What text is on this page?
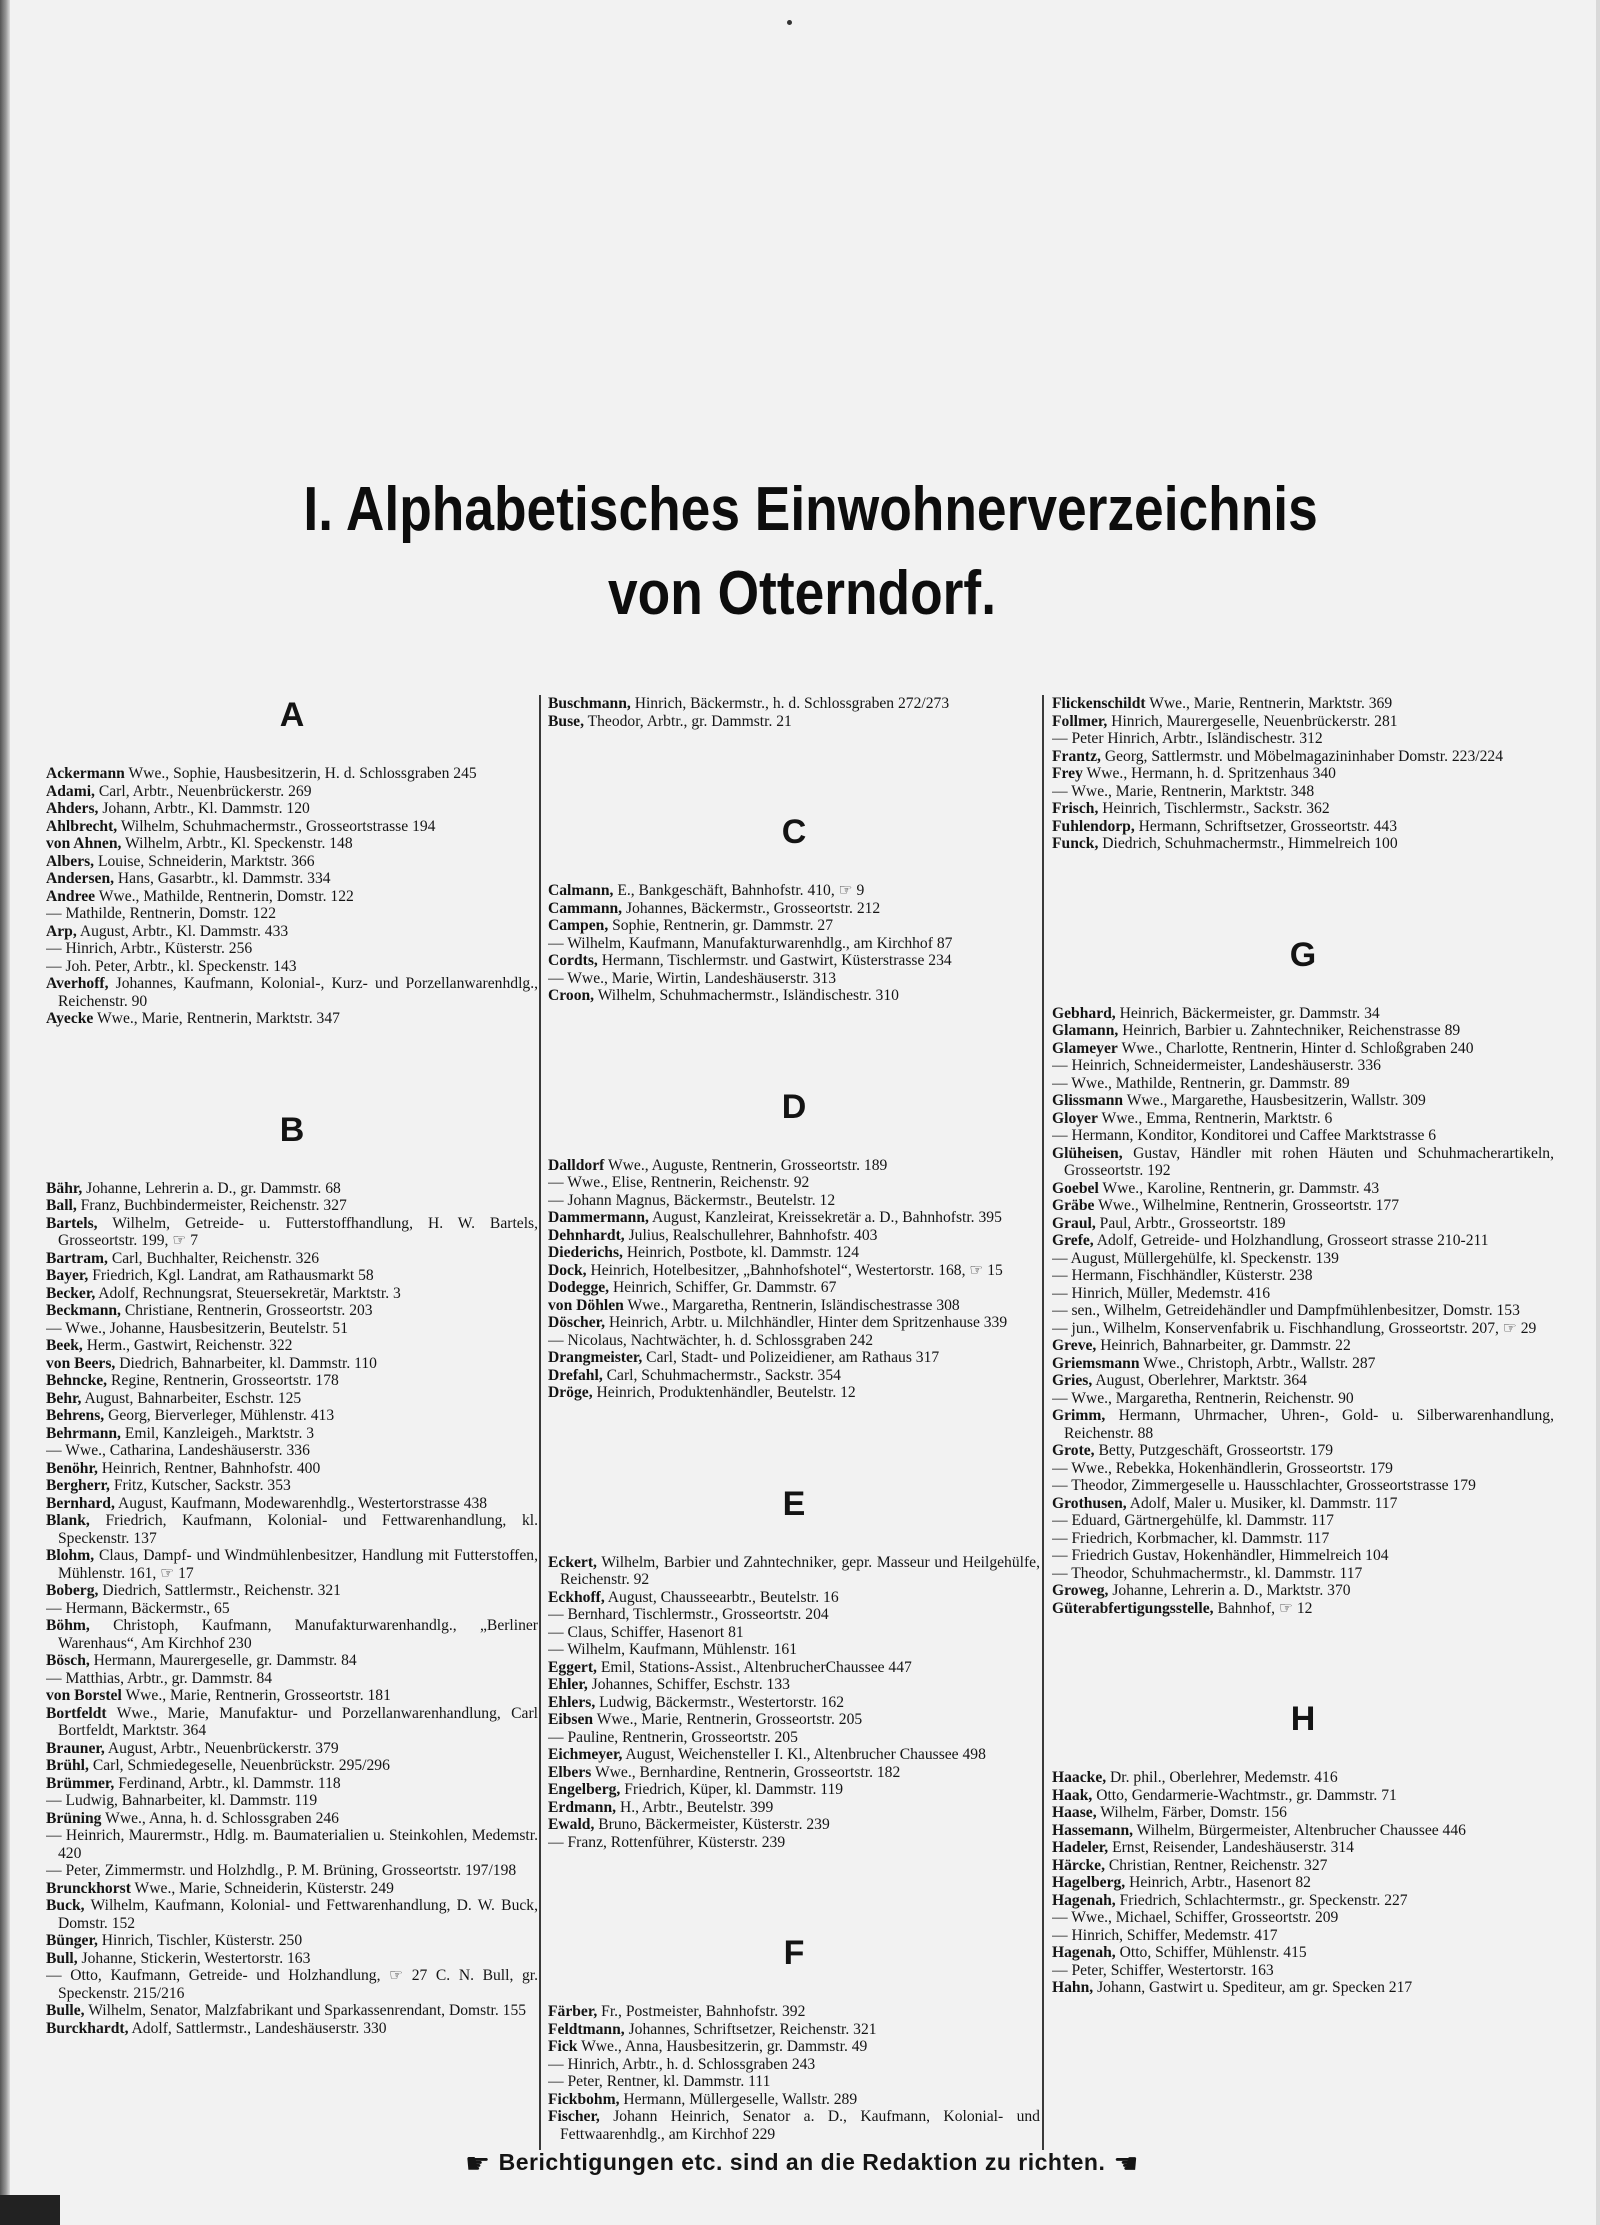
I. Alphabetisches Einwohnerverzeichnis
von Otterndorf.
A
Ackermann Wwe., Sophie, Hausbesitzerin, H. d. Schlossgraben 245
Adami, Carl, Arbtr., Neuenbrückerstr. 269
Ahders, Johann, Arbtr., Kl. Dammstr. 120
Ahlbrecht, Wilhelm, Schuhmachermstr., Grosseortstrasse 194
von Ahnen, Wilhelm, Arbtr., Kl. Speckenstr. 148
Albers, Louise, Schneiderin, Marktstr. 366
Andersen, Hans, Gasarbtr., kl. Dammstr. 334
Andree Wwe., Mathilde, Rentnerin, Domstr. 122
— Mathilde, Rentnerin, Domstr. 122
Arp, August, Arbtr., Kl. Dammstr. 433
— Hinrich, Arbtr., Küsterstr. 256
— Joh. Peter, Arbtr., kl. Speckenstr. 143
Averhoff, Johannes, Kaufmann, Kolonial-, Kurz- und Porzellanwarenhdlg., Reichenstr. 90
Ayecke Wwe., Marie, Rentnerin, Marktstr. 347
B
Bähr, Johanne, Lehrerin a. D., gr. Dammstr. 68
Ball, Franz, Buchbindermeister, Reichenstr. 327
Bartels, Wilhelm, Getreide- u. Futterstoffhandlung, H. W. Bartels, Grosseortstr. 199, ☞ 7
Bartram, Carl, Buchhalter, Reichenstr. 326
Bayer, Friedrich, Kgl. Landrat, am Rathausmarkt 58
Becker, Adolf, Rechnungsrat, Steuersekretär, Marktstr. 3
Beckmann, Christiane, Rentnerin, Grosseortstr. 203
— Wwe., Johanne, Hausbesitzerin, Beutelstr. 51
Beek, Herm., Gastwirt, Reichenstr. 322
von Beers, Diedrich, Bahnarbeiter, kl. Dammstr. 110
Behncke, Regine, Rentnerin, Grosseortstr. 178
Behr, August, Bahnarbeiter, Eschstr. 125
Behrens, Georg, Bierverleger, Mühlenstr. 413
Behrmann, Emil, Kanzleigeh., Marktstr. 3
— Wwe., Catharina, Landeshäuserstr. 336
Benöhr, Heinrich, Rentner, Bahnhofstr. 400
Bergherr, Fritz, Kutscher, Sackstr. 353
Bernhard, August, Kaufmann, Modewarenhdlg., Westertorstrasse 438
Blank, Friedrich, Kaufmann, Kolonial- und Fettwarenhandlung, kl. Speckenstr. 137
Blohm, Claus, Dampf- und Windmühlenbesitzer, Handlung mit Futterstoffen, Mühlenstr. 161, ☞ 17
Boberg, Diedrich, Sattlermstr., Reichenstr. 321
— Hermann, Bäckermstr., 65
Böhm, Christoph, Kaufmann, Manufakturwarenhandlg., „Berliner Warenhaus“, Am Kirchhof 230
Bösch, Hermann, Maurergeselle, gr. Dammstr. 84
— Matthias, Arbtr., gr. Dammstr. 84
von Borstel Wwe., Marie, Rentnerin, Grosseortstr. 181
Bortfeldt Wwe., Marie, Manufaktur- und Porzellanwarenhandlung, Carl Bortfeldt, Marktstr. 364
Brauner, August, Arbtr., Neuenbrückerstr. 379
Brühl, Carl, Schmiedegeselle, Neuenbrückstr. 295/296
Brümmer, Ferdinand, Arbtr., kl. Dammstr. 118
— Ludwig, Bahnarbeiter, kl. Dammstr. 119
Brüning Wwe., Anna, h. d. Schlossgraben 246
— Heinrich, Maurermstr., Hdlg. m. Baumaterialien u. Steinkohlen, Medemstr. 420
— Peter, Zimmermstr. und Holzhdlg., P. M. Brüning, Grosseortstr. 197/198
Brunckhorst Wwe., Marie, Schneiderin, Küsterstr. 249
Buck, Wilhelm, Kaufmann, Kolonial- und Fettwarenhandlung, D. W. Buck, Domstr. 152
Bünger, Hinrich, Tischler, Küsterstr. 250
Bull, Johanne, Stickerin, Westertorstr. 163
— Otto, Kaufmann, Getreide- und Holzhandlung, ☞ 27 C. N. Bull, gr. Speckenstr. 215/216
Bulle, Wilhelm, Senator, Malzfabrikant und Sparkassenrendant, Domstr. 155
Burckhardt, Adolf, Sattlermstr., Landeshäuserstr. 330
Buschmann, Hinrich, Bäckermstr., h. d. Schlossgraben 272/273
Buse, Theodor, Arbtr., gr. Dammstr. 21
C
Calmann, E., Bankgeschäft, Bahnhofstr. 410, ☞ 9
Cammann, Johannes, Bäckermstr., Grosseortstr. 212
Campen, Sophie, Rentnerin, gr. Dammstr. 27
— Wilhelm, Kaufmann, Manufakturwarenhdlg., am Kirchhof 87
Cordts, Hermann, Tischlermstr. und Gastwirt, Küsterstrasse 234
— Wwe., Marie, Wirtin, Landeshäuserstr. 313
Croon, Wilhelm, Schuhmachermstr., Isländischestr. 310
D
Dalldorf Wwe., Auguste, Rentnerin, Grosseortstr. 189
— Wwe., Elise, Rentnerin, Reichenstr. 92
— Johann Magnus, Bäckermstr., Beutelstr. 12
Dammermann, August, Kanzleirat, Kreissekretär a. D., Bahnhofstr. 395
Dehnhardt, Julius, Realschullehrer, Bahnhofstr. 403
Diederichs, Heinrich, Postbote, kl. Dammstr. 124
Dock, Heinrich, Hotelbesitzer, „Bahnhofshotel“, Westertorstr. 168, ☞ 15
Dodegge, Heinrich, Schiffer, Gr. Dammstr. 67
von Döhlen Wwe., Margaretha, Rentnerin, Isländischestrasse 308
Döscher, Heinrich, Arbtr. u. Milchhändler, Hinter dem Spritzenhause 339
— Nicolaus, Nachtwächter, h. d. Schlossgraben 242
Drangmeister, Carl, Stadt- und Polizeidiener, am Rathaus 317
Drefahl, Carl, Schuhmachermstr., Sackstr. 354
Dröge, Heinrich, Produktenhändler, Beutelstr. 12
E
Eckert, Wilhelm, Barbier und Zahntechniker, gepr. Masseur und Heilgehülfe, Reichenstr. 92
Eckhoff, August, Chausseearbtr., Beutelstr. 16
— Bernhard, Tischlermstr., Grosseortstr. 204
— Claus, Schiffer, Hasenort 81
— Wilhelm, Kaufmann, Mühlenstr. 161
Eggert, Emil, Stations-Assist., AltenbrucherChaussee 447
Ehler, Johannes, Schiffer, Eschstr. 133
Ehlers, Ludwig, Bäckermstr., Westertorstr. 162
Eibsen Wwe., Marie, Rentnerin, Grosseortstr. 205
— Pauline, Rentnerin, Grosseortstr. 205
Eichmeyer, August, Weichensteller I. Kl., Altenbrucher Chaussee 498
Elbers Wwe., Bernhardine, Rentnerin, Grosseortstr. 182
Engelberg, Friedrich, Küper, kl. Dammstr. 119
Erdmann, H., Arbtr., Beutelstr. 399
Ewald, Bruno, Bäckermeister, Küsterstr. 239
— Franz, Rottenführer, Küsterstr. 239
F
Färber, Fr., Postmeister, Bahnhofstr. 392
Feldtmann, Johannes, Schriftsetzer, Reichenstr. 321
Fick Wwe., Anna, Hausbesitzerin, gr. Dammstr. 49
— Hinrich, Arbtr., h. d. Schlossgraben 243
— Peter, Rentner, kl. Dammstr. 111
Fickbohm, Hermann, Müllergeselle, Wallstr. 289
Fischer, Johann Heinrich, Senator a. D., Kaufmann, Kolonial- und Fettwaarenhdlg., am Kirchhof 229
Flickenschildt Wwe., Marie, Rentnerin, Marktstr. 369
Follmer, Hinrich, Maurergeselle, Neuenbrückerstr. 281
— Peter Hinrich, Arbtr., Isländischestr. 312
Frantz, Georg, Sattlermstr. und Möbelmagazininhaber Domstr. 223/224
Frey Wwe., Hermann, h. d. Spritzenhaus 340
— Wwe., Marie, Rentnerin, Marktstr. 348
Frisch, Heinrich, Tischlermstr., Sackstr. 362
Fuhlendorp, Hermann, Schriftsetzer, Grosseortstr. 443
Funck, Diedrich, Schuhmachermstr., Himmelreich 100
G
Gebhard, Heinrich, Bäckermeister, gr. Dammstr. 34
Glamann, Heinrich, Barbier u. Zahntechniker, Reichenstrasse 89
Glameyer Wwe., Charlotte, Rentnerin, Hinter d. Schloßgraben 240
— Heinrich, Schneidermeister, Landeshäuserstr. 336
— Wwe., Mathilde, Rentnerin, gr. Dammstr. 89
Glissmann Wwe., Margarethe, Hausbesitzerin, Wallstr. 309
Gloyer Wwe., Emma, Rentnerin, Marktstr. 6
— Hermann, Konditor, Konditorei und Caffee Marktstrasse 6
Glüheisen, Gustav, Händler mit rohen Häuten und Schuhmacherartikeln, Grosseortstr. 192
Goebel Wwe., Karoline, Rentnerin, gr. Dammstr. 43
Gräbe Wwe., Wilhelmine, Rentnerin, Grosseortstr. 177
Graul, Paul, Arbtr., Grosseortstr. 189
Grefe, Adolf, Getreide- und Holzhandlung, Grosseort strasse 210-211
— August, Müllergehülfe, kl. Speckenstr. 139
— Hermann, Fischhändler, Küsterstr. 238
— Hinrich, Müller, Medemstr. 416
— sen., Wilhelm, Getreidehändler und Dampfmühlenbesitzer, Domstr. 153
— jun., Wilhelm, Konservenfabrik u. Fischhandlung, Grosseortstr. 207, ☞ 29
Greve, Heinrich, Bahnarbeiter, gr. Dammstr. 22
Griemsmann Wwe., Christoph, Arbtr., Wallstr. 287
Gries, August, Oberlehrer, Marktstr. 364
— Wwe., Margaretha, Rentnerin, Reichenstr. 90
Grimm, Hermann, Uhrmacher, Uhren-, Gold- u. Silberwarenhandlung, Reichenstr. 88
Grote, Betty, Putzgeschäft, Grosseortstr. 179
— Wwe., Rebekka, Hokenhändlerin, Grosseortstr. 179
— Theodor, Zimmergeselle u. Hausschlachter, Grosseortstrasse 179
Grothusen, Adolf, Maler u. Musiker, kl. Dammstr. 117
— Eduard, Gärtnergehülfe, kl. Dammstr. 117
— Friedrich, Korbmacher, kl. Dammstr. 117
— Friedrich Gustav, Hokenhändler, Himmelreich 104
— Theodor, Schuhmachermstr., kl. Dammstr. 117
Groweg, Johanne, Lehrerin a. D., Marktstr. 370
Güterabfertigungsstelle, Bahnhof, ☞ 12
H
Haacke, Dr. phil., Oberlehrer, Medemstr. 416
Haak, Otto, Gendarmerie-Wachtmstr., gr. Dammstr. 71
Haase, Wilhelm, Färber, Domstr. 156
Hassemann, Wilhelm, Bürgermeister, Altenbrucher Chaussee 446
Hadeler, Ernst, Reisender, Landeshäuserstr. 314
Härcke, Christian, Rentner, Reichenstr. 327
Hagelberg, Heinrich, Arbtr., Hasenort 82
Hagenah, Friedrich, Schlachtermstr., gr. Speckenstr. 227
— Wwe., Michael, Schiffer, Grosseortstr. 209
— Hinrich, Schiffer, Medemstr. 417
Hagenah, Otto, Schiffer, Mühlenstr. 415
— Peter, Schiffer, Westertorstr. 163
Hahn, Johann, Gastwirt u. Spediteur, am gr. Specken 217
☛ Berichtigungen etc. sind an die Redaktion zu richten. ☚
